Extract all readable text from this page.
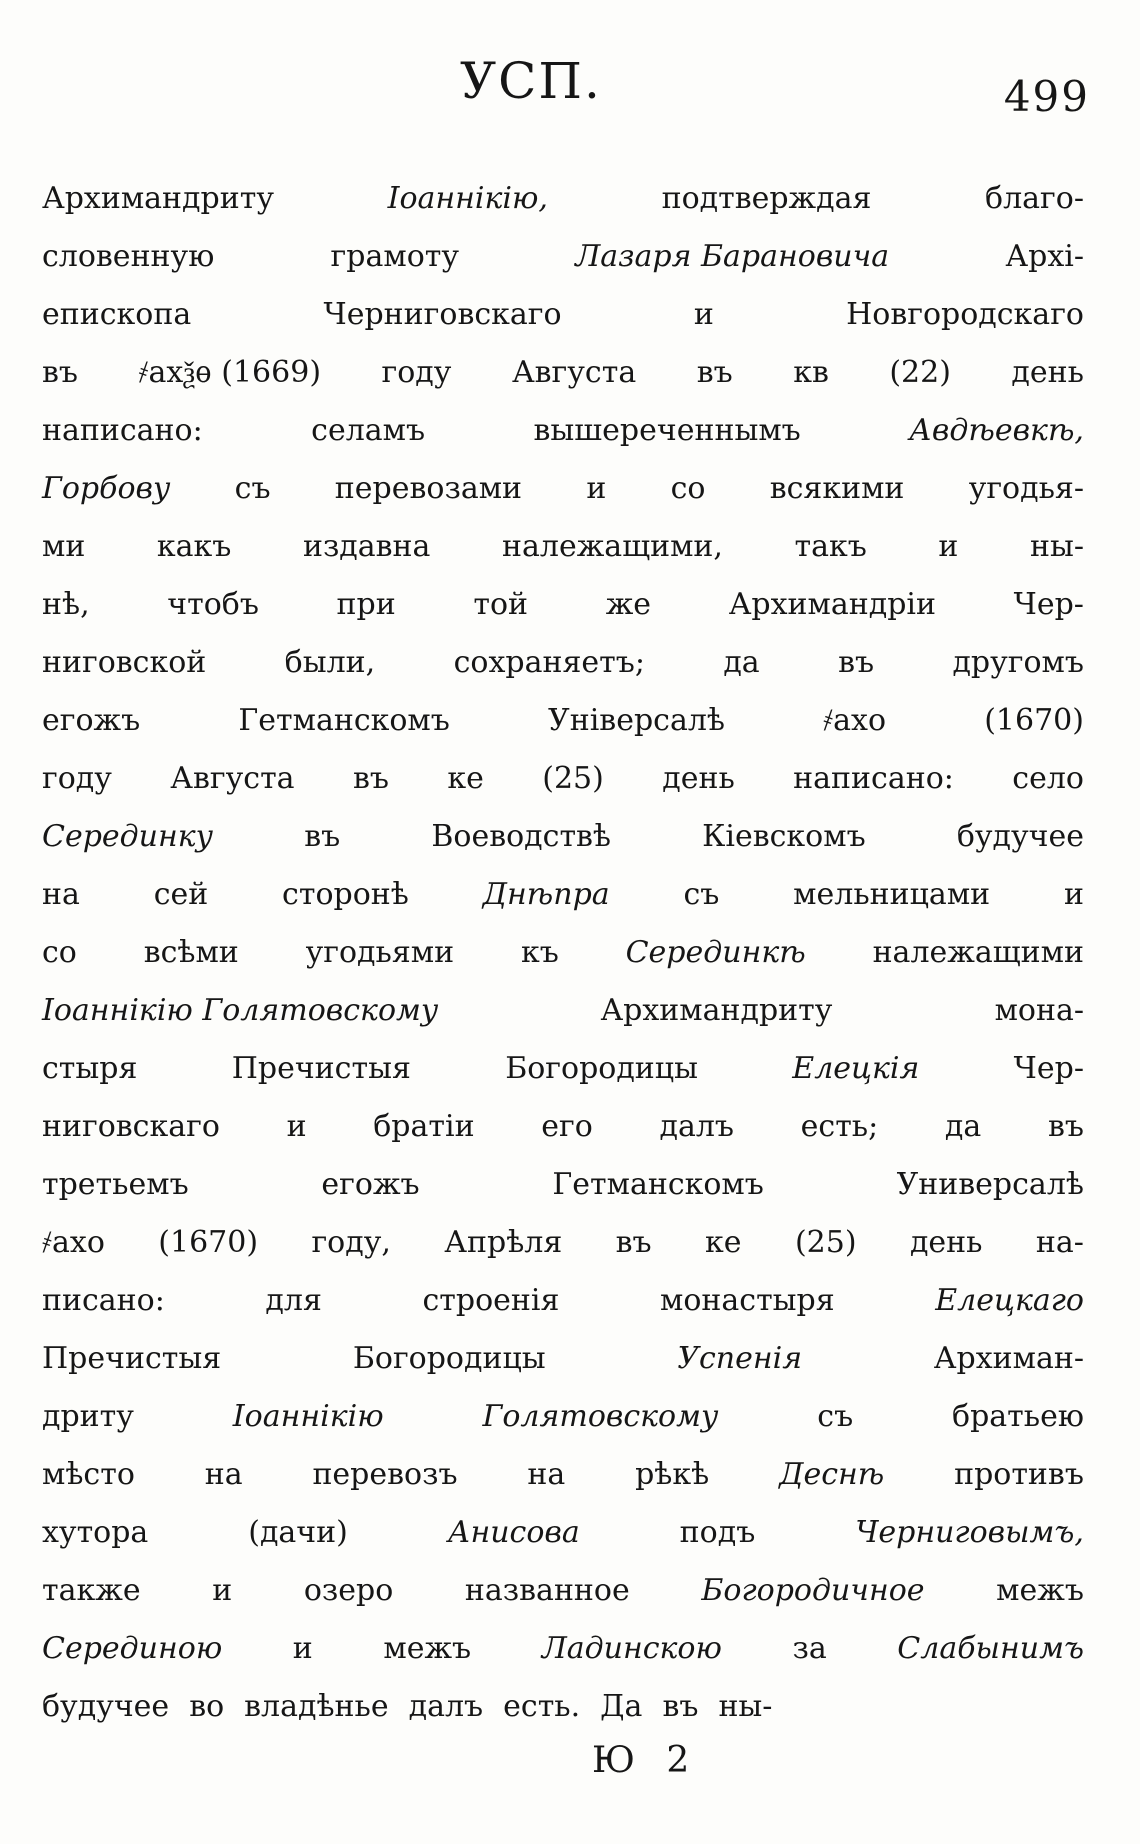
УСП.	499
Архимандриту	Іоаннікію,	подтверждая	благо-
словенную	грамоту	Лазаря Барановича	Архі-
епископа	Черниговскаго	и	Новгородскаго
въ ҂ахѯѳ (1669) году Августа въ кв (22) день
написано:	селамъ	вышереченнымъ	Авдѣевкѣ,
Горбову съ перевозами и со всякими угодья-
ми какъ издавна належащими, такъ и ны-
нѣ,	чтобъ	при	той	же	Архимандріи	Чер-
ниговской	были,	сохраняетъ;	да	въ	другомъ
егожъ	Гетманскомъ	Унiверсалѣ	҂ахо	(1670)
году Августа въ ке (25) день написано: село
Серединку	въ	Воеводствѣ	Кіевскомъ	будучее
на сей сторонѣ Днѣпра съ мельницами и
со всѣми угодьями къ Серединкѣ належащими
Іоаннікію Голятовскому	Архимандриту	мона-
стыря	Пречистыя	Богородицы	Елецкія	Чер-
ниговскаго и братіи его далъ есть; да въ
третьемъ	егожъ	Гетманскомъ	Универсалѣ
҂ахо (1670) году, Апрѣля въ ке (25) день на-
писано:	для	строенія	монастыря	Елецкаго
Пречистыя	Богородицы	Успенія	Архиман-
дриту	Іоаннікію	Голятовскому	съ	братьею
мѣсто на перевозъ на рѣкѣ Деснѣ противъ
хутора	(дачи)	Анисова	подъ	Черниговымъ,
также и озеро названное Богородичное межъ
Серединою и межъ Ладинскою за Слабынимъ
будучее во владѣнье далъ есть. Да въ ны-
Ю 2
